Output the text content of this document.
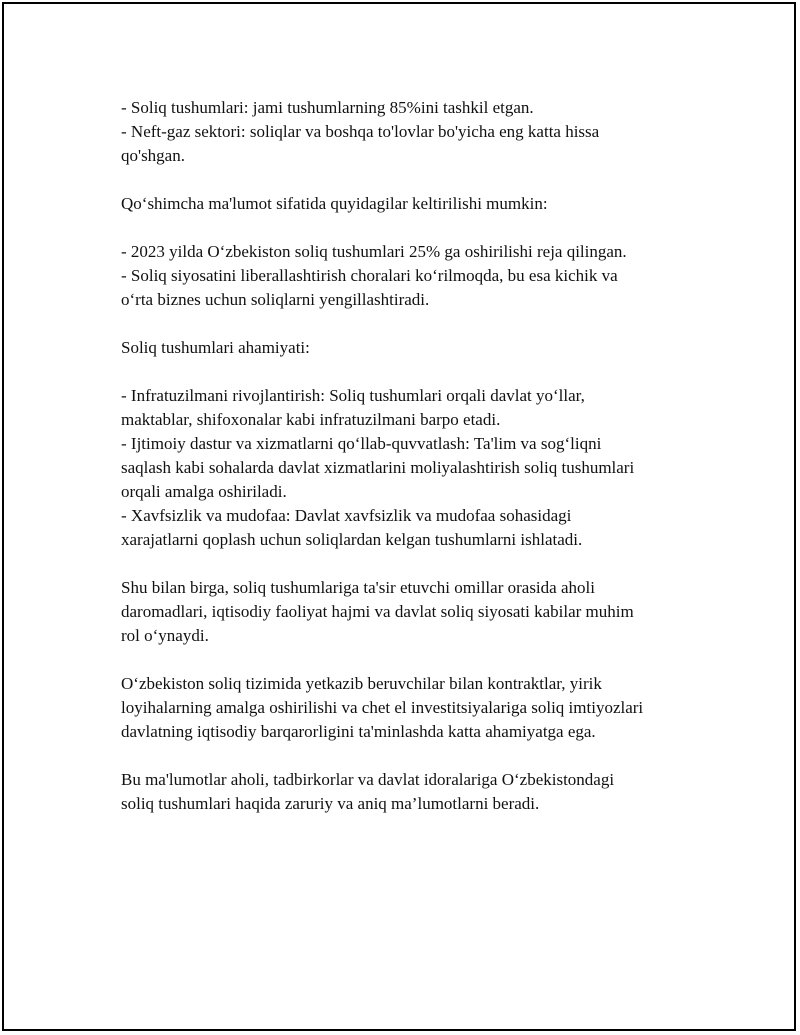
- Soliq tushumlari: jami tushumlarning 85%ini tashkil etgan.
- Neft-gaz sektori: soliqlar va boshqa to'lovlar bo'yicha eng katta hissa
qo'shgan.

Qo‘shimcha ma'lumot sifatida quyidagilar keltirilishi mumkin:

- 2023 yilda O‘zbekiston soliq tushumlari 25% ga oshirilishi reja qilingan.
- Soliq siyosatini liberallashtirish choralari ko‘rilmoqda, bu esa kichik va
o‘rta biznes uchun soliqlarni yengillashtiradi.

Soliq tushumlari ahamiyati:

- Infratuzilmani rivojlantirish: Soliq tushumlari orqali davlat yo‘llar,
maktablar, shifoxonalar kabi infratuzilmani barpo etadi.
- Ijtimoiy dastur va xizmatlarni qo‘llab-quvvatlash: Ta'lim va sog‘liqni
saqlash kabi sohalarda davlat xizmatlarini moliyalashtirish soliq tushumlari
orqali amalga oshiriladi.
- Xavfsizlik va mudofaa: Davlat xavfsizlik va mudofaa sohasidagi
xarajatlarni qoplash uchun soliqlardan kelgan tushumlarni ishlatadi.

Shu bilan birga, soliq tushumlariga ta'sir etuvchi omillar orasida aholi
daromadlari, iqtisodiy faoliyat hajmi va davlat soliq siyosati kabilar muhim
rol o‘ynaydi.

O‘zbekiston soliq tizimida yetkazib beruvchilar bilan kontraktlar, yirik
loyihalarning amalga oshirilishi va chet el investitsiyalariga soliq imtiyozlari
davlatning iqtisodiy barqarorligini ta'minlashda katta ahamiyatga ega.

Bu ma'lumotlar aholi, tadbirkorlar va davlat idoralariga O‘zbekistondagi
soliq tushumlari haqida zaruriy va aniq ma’lumotlarni beradi.
